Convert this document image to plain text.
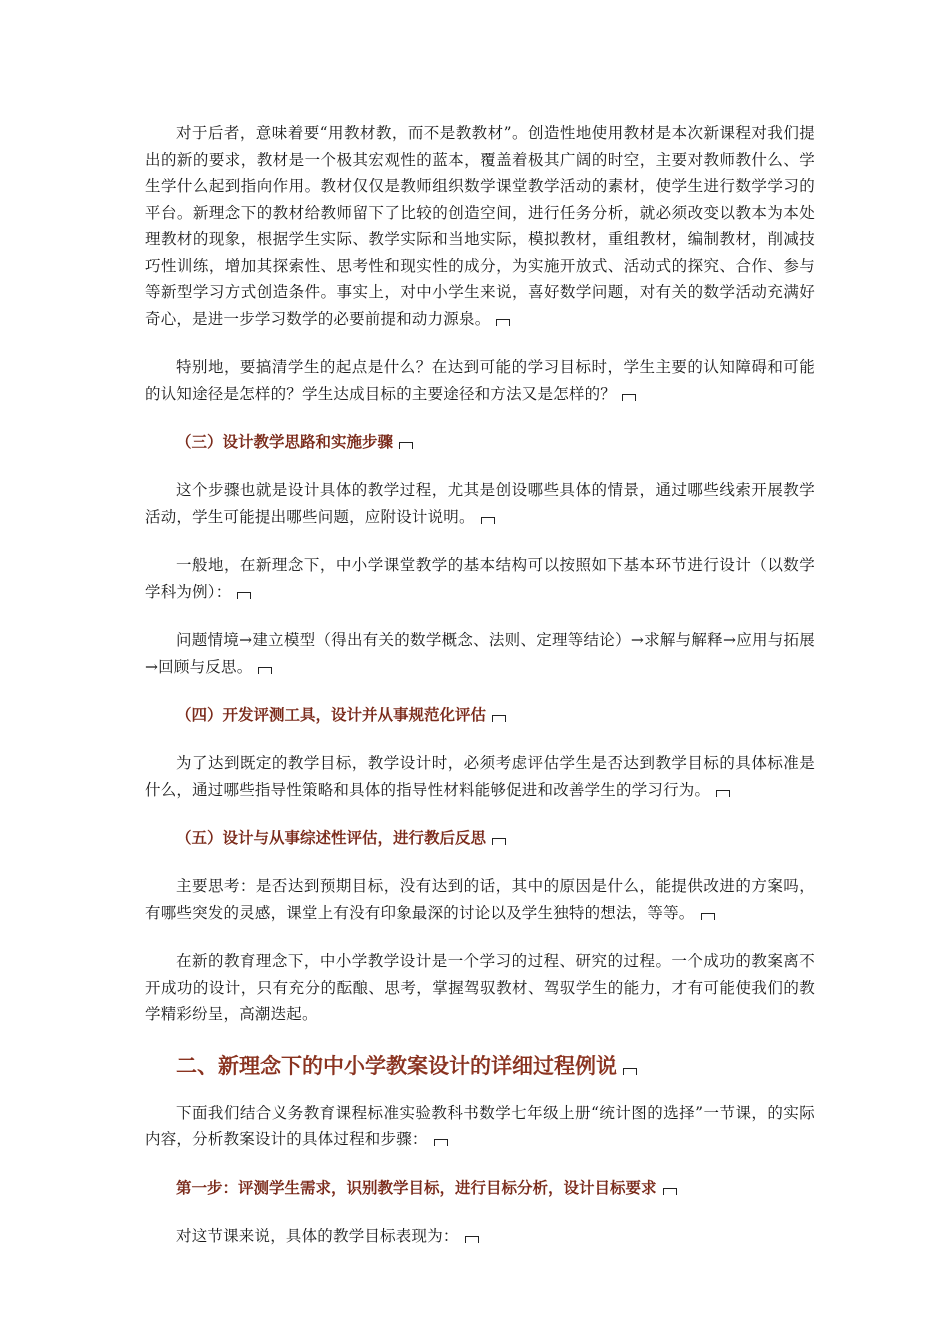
对于后者，意味着要“用教材教，而不是教教材”。创造性地使用教材是本次新课程对我们提出的新的要求，教材是一个极其宏观性的蓝本，覆盖着极其广阔的时空，主要对教师教什么、学生学什么起到指向作用。教材仅仅是教师组织数学课堂教学活动的素材，使学生进行数学学习的平台。新理念下的教材给教师留下了比较的创造空间，进行任务分析，就必须改变以教本为本处理教材的现象，根据学生实际、教学实际和当地实际，模拟教材，重组教材，编制教材，削减技巧性训练，增加其探索性、思考性和现实性的成分，为实施开放式、活动式的探究、合作、参与等新型学习方式创造条件。事实上，对中小学生来说，喜好数学问题，对有关的数学活动充满好奇心，是进一步学习数学的必要前提和动力源泉。

特别地，要搞清学生的起点是什么？在达到可能的学习目标时，学生主要的认知障碍和可能的认知途径是怎样的？学生达成目标的主要途径和方法又是怎样的？

（三）设计教学思路和实施步骤

这个步骤也就是设计具体的教学过程，尤其是创设哪些具体的情景，通过哪些线索开展教学活动，学生可能提出哪些问题，应附设计说明。

一般地，在新理念下，中小学课堂教学的基本结构可以按照如下基本环节进行设计（以数学学科为例）：

问题情境→建立模型（得出有关的数学概念、法则、定理等结论）→求解与解释→应用与拓展→回顾与反思。

（四）开发评测工具，设计并从事规范化评估

为了达到既定的教学目标，教学设计时，必须考虑评估学生是否达到教学目标的具体标准是什么，通过哪些指导性策略和具体的指导性材料能够促进和改善学生的学习行为。

（五）设计与从事综述性评估，进行教后反思

主要思考：是否达到预期目标，没有达到的话，其中的原因是什么，能提供改进的方案吗，有哪些突发的灵感，课堂上有没有印象最深的讨论以及学生独特的想法，等等。

在新的教育理念下，中小学教学设计是一个学习的过程、研究的过程。一个成功的教案离不开成功的设计，只有充分的酝酿、思考，掌握驾驭教材、驾驭学生的能力，才有可能使我们的教学精彩纷呈，高潮迭起。

二、新理念下的中小学教案设计的详细过程例说

下面我们结合义务教育课程标准实验教科书数学七年级上册“统计图的选择”一节课，的实际内容，分析教案设计的具体过程和步骤：

第一步：评测学生需求，识别教学目标，进行目标分析，设计目标要求

对这节课来说，具体的教学目标表现为：
